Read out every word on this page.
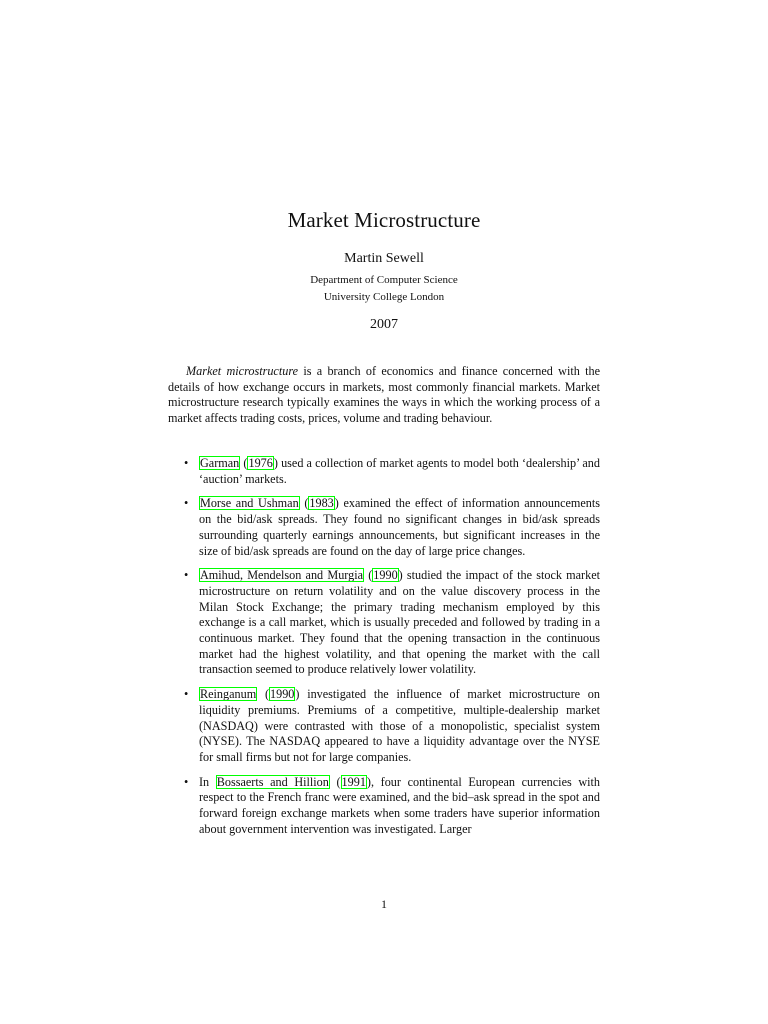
Market Microstructure
Martin Sewell
Department of Computer Science
University College London
2007

Market microstructure is a branch of economics and finance concerned with the details of how exchange occurs in markets, most commonly financial markets. Market microstructure research typically examines the ways in which the working process of a market affects trading costs, prices, volume and trading behaviour.

• Garman (1976) used a collection of market agents to model both ‘dealership’ and ‘auction’ markets.
• Morse and Ushman (1983) examined the effect of information announcements on the bid/ask spreads. They found no significant changes in bid/ask spreads surrounding quarterly earnings announcements, but significant increases in the size of bid/ask spreads are found on the day of large price changes.
• Amihud, Mendelson and Murgia (1990) studied the impact of the stock market microstructure on return volatility and on the value discovery process in the Milan Stock Exchange; the primary trading mechanism employed by this exchange is a call market, which is usually preceded and followed by trading in a continuous market. They found that the opening transaction in the continuous market had the highest volatility, and that opening the market with the call transaction seemed to produce relatively lower volatility.
• Reinganum (1990) investigated the influence of market microstructure on liquidity premiums. Premiums of a competitive, multiple-dealership market (NASDAQ) were contrasted with those of a monopolistic, specialist system (NYSE). The NASDAQ appeared to have a liquidity advantage over the NYSE for small firms but not for large companies.
• In Bossaerts and Hillion (1991), four continental European currencies with respect to the French franc were examined, and the bid–ask spread in the spot and forward foreign exchange markets when some traders have superior information about government intervention was investigated. Larger
1
